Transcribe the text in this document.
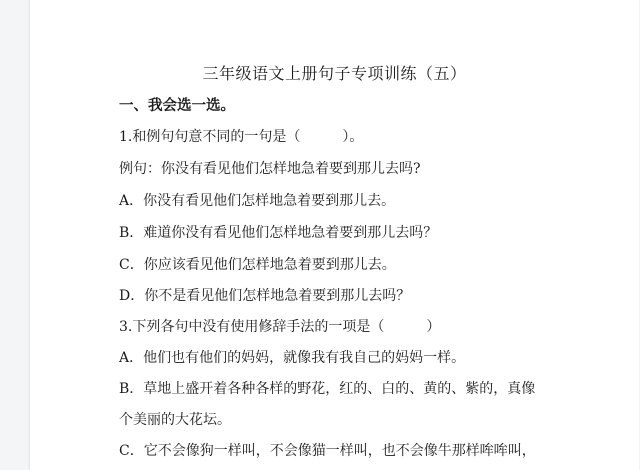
三年级语文上册句子专项训练（五）
一、我会选一选。
1.和例句句意不同的一句是（　　　）。
例句：你没有看见他们怎样地急着要到那儿去吗?
A．你没有看见他们怎样地急着要到那儿去。
B．难道你没有看见他们怎样地急着要到那儿去吗？
C．你应该看见他们怎样地急着要到那儿去。
D．你不是看见他们怎样地急着要到那儿去吗？
3.下列各句中没有使用修辞手法的一项是（　　　）
A．他们也有他们的妈妈，就像我有我自己的妈妈一样。
B．草地上盛开着各种各样的野花，红的、白的、黄的、紫的，真像
个美丽的大花坛。
C．它不会像狗一样叫，不会像猫一样叫，也不会像牛那样哞哞叫，
